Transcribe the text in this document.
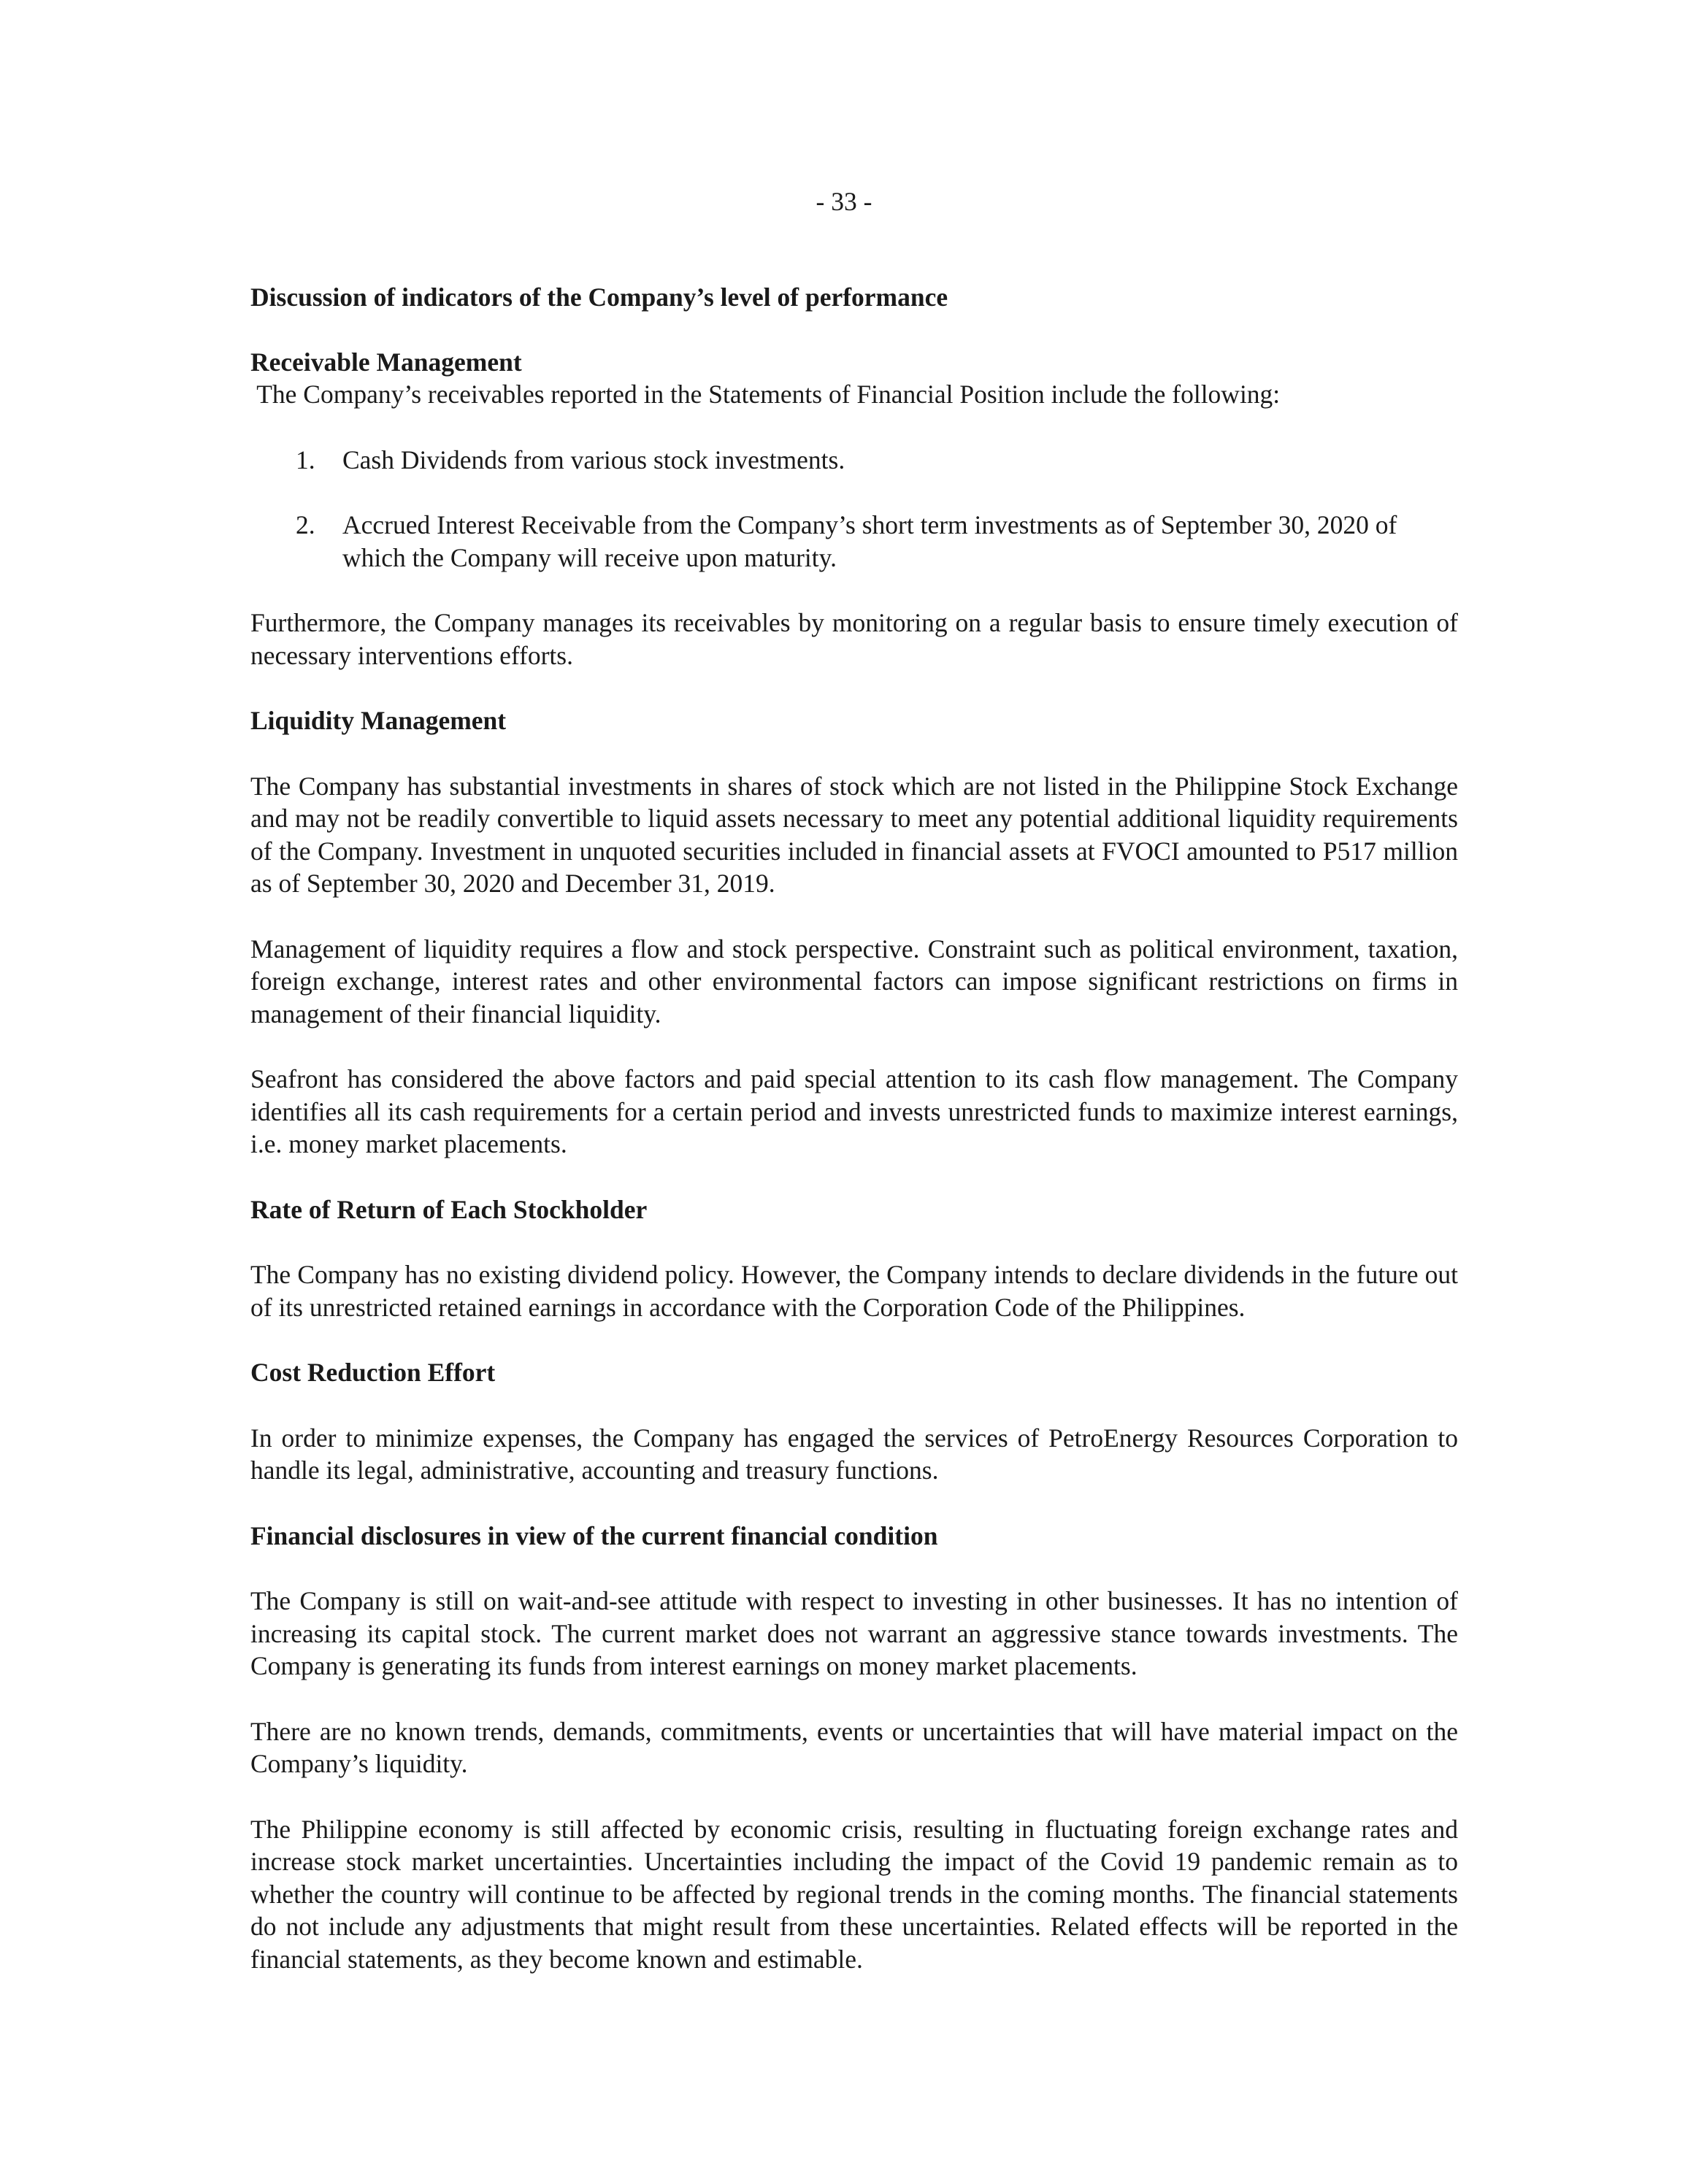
- 33 -

Discussion of indicators of the Company’s level of performance

Receivable Management

The Company’s receivables reported in the Statements of Financial Position include the following:

1. Cash Dividends from various stock investments.
2. Accrued Interest Receivable from the Company’s short term investments as of September 30, 2020 of which the Company will receive upon maturity.

Furthermore, the Company manages its receivables by monitoring on a regular basis to ensure timely execution of necessary interventions efforts.

Liquidity Management

The Company has substantial investments in shares of stock which are not listed in the Philippine Stock Exchange and may not be readily convertible to liquid assets necessary to meet any potential additional liquidity requirements of the Company. Investment in unquoted securities included in financial assets at FVOCI amounted to P517 million as of September 30, 2020 and December 31, 2019.

Management of liquidity requires a flow and stock perspective. Constraint such as political environment, taxation, foreign exchange, interest rates and other environmental factors can impose significant restrictions on firms in management of their financial liquidity.

Seafront has considered the above factors and paid special attention to its cash flow management. The Company identifies all its cash requirements for a certain period and invests unrestricted funds to maximize interest earnings, i.e. money market placements.

Rate of Return of Each Stockholder

The Company has no existing dividend policy. However, the Company intends to declare dividends in the future out of its unrestricted retained earnings in accordance with the Corporation Code of the Philippines.

Cost Reduction Effort

In order to minimize expenses, the Company has engaged the services of PetroEnergy Resources Corporation to handle its legal, administrative, accounting and treasury functions.

Financial disclosures in view of the current financial condition

The Company is still on wait-and-see attitude with respect to investing in other businesses. It has no intention of increasing its capital stock. The current market does not warrant an aggressive stance towards investments. The Company is generating its funds from interest earnings on money market placements.

There are no known trends, demands, commitments, events or uncertainties that will have material impact on the Company’s liquidity.

The Philippine economy is still affected by economic crisis, resulting in fluctuating foreign exchange rates and increase stock market uncertainties. Uncertainties including the impact of the Covid 19 pandemic remain as to whether the country will continue to be affected by regional trends in the coming months. The financial statements do not include any adjustments that might result from these uncertainties. Related effects will be reported in the financial statements, as they become known and estimable.
